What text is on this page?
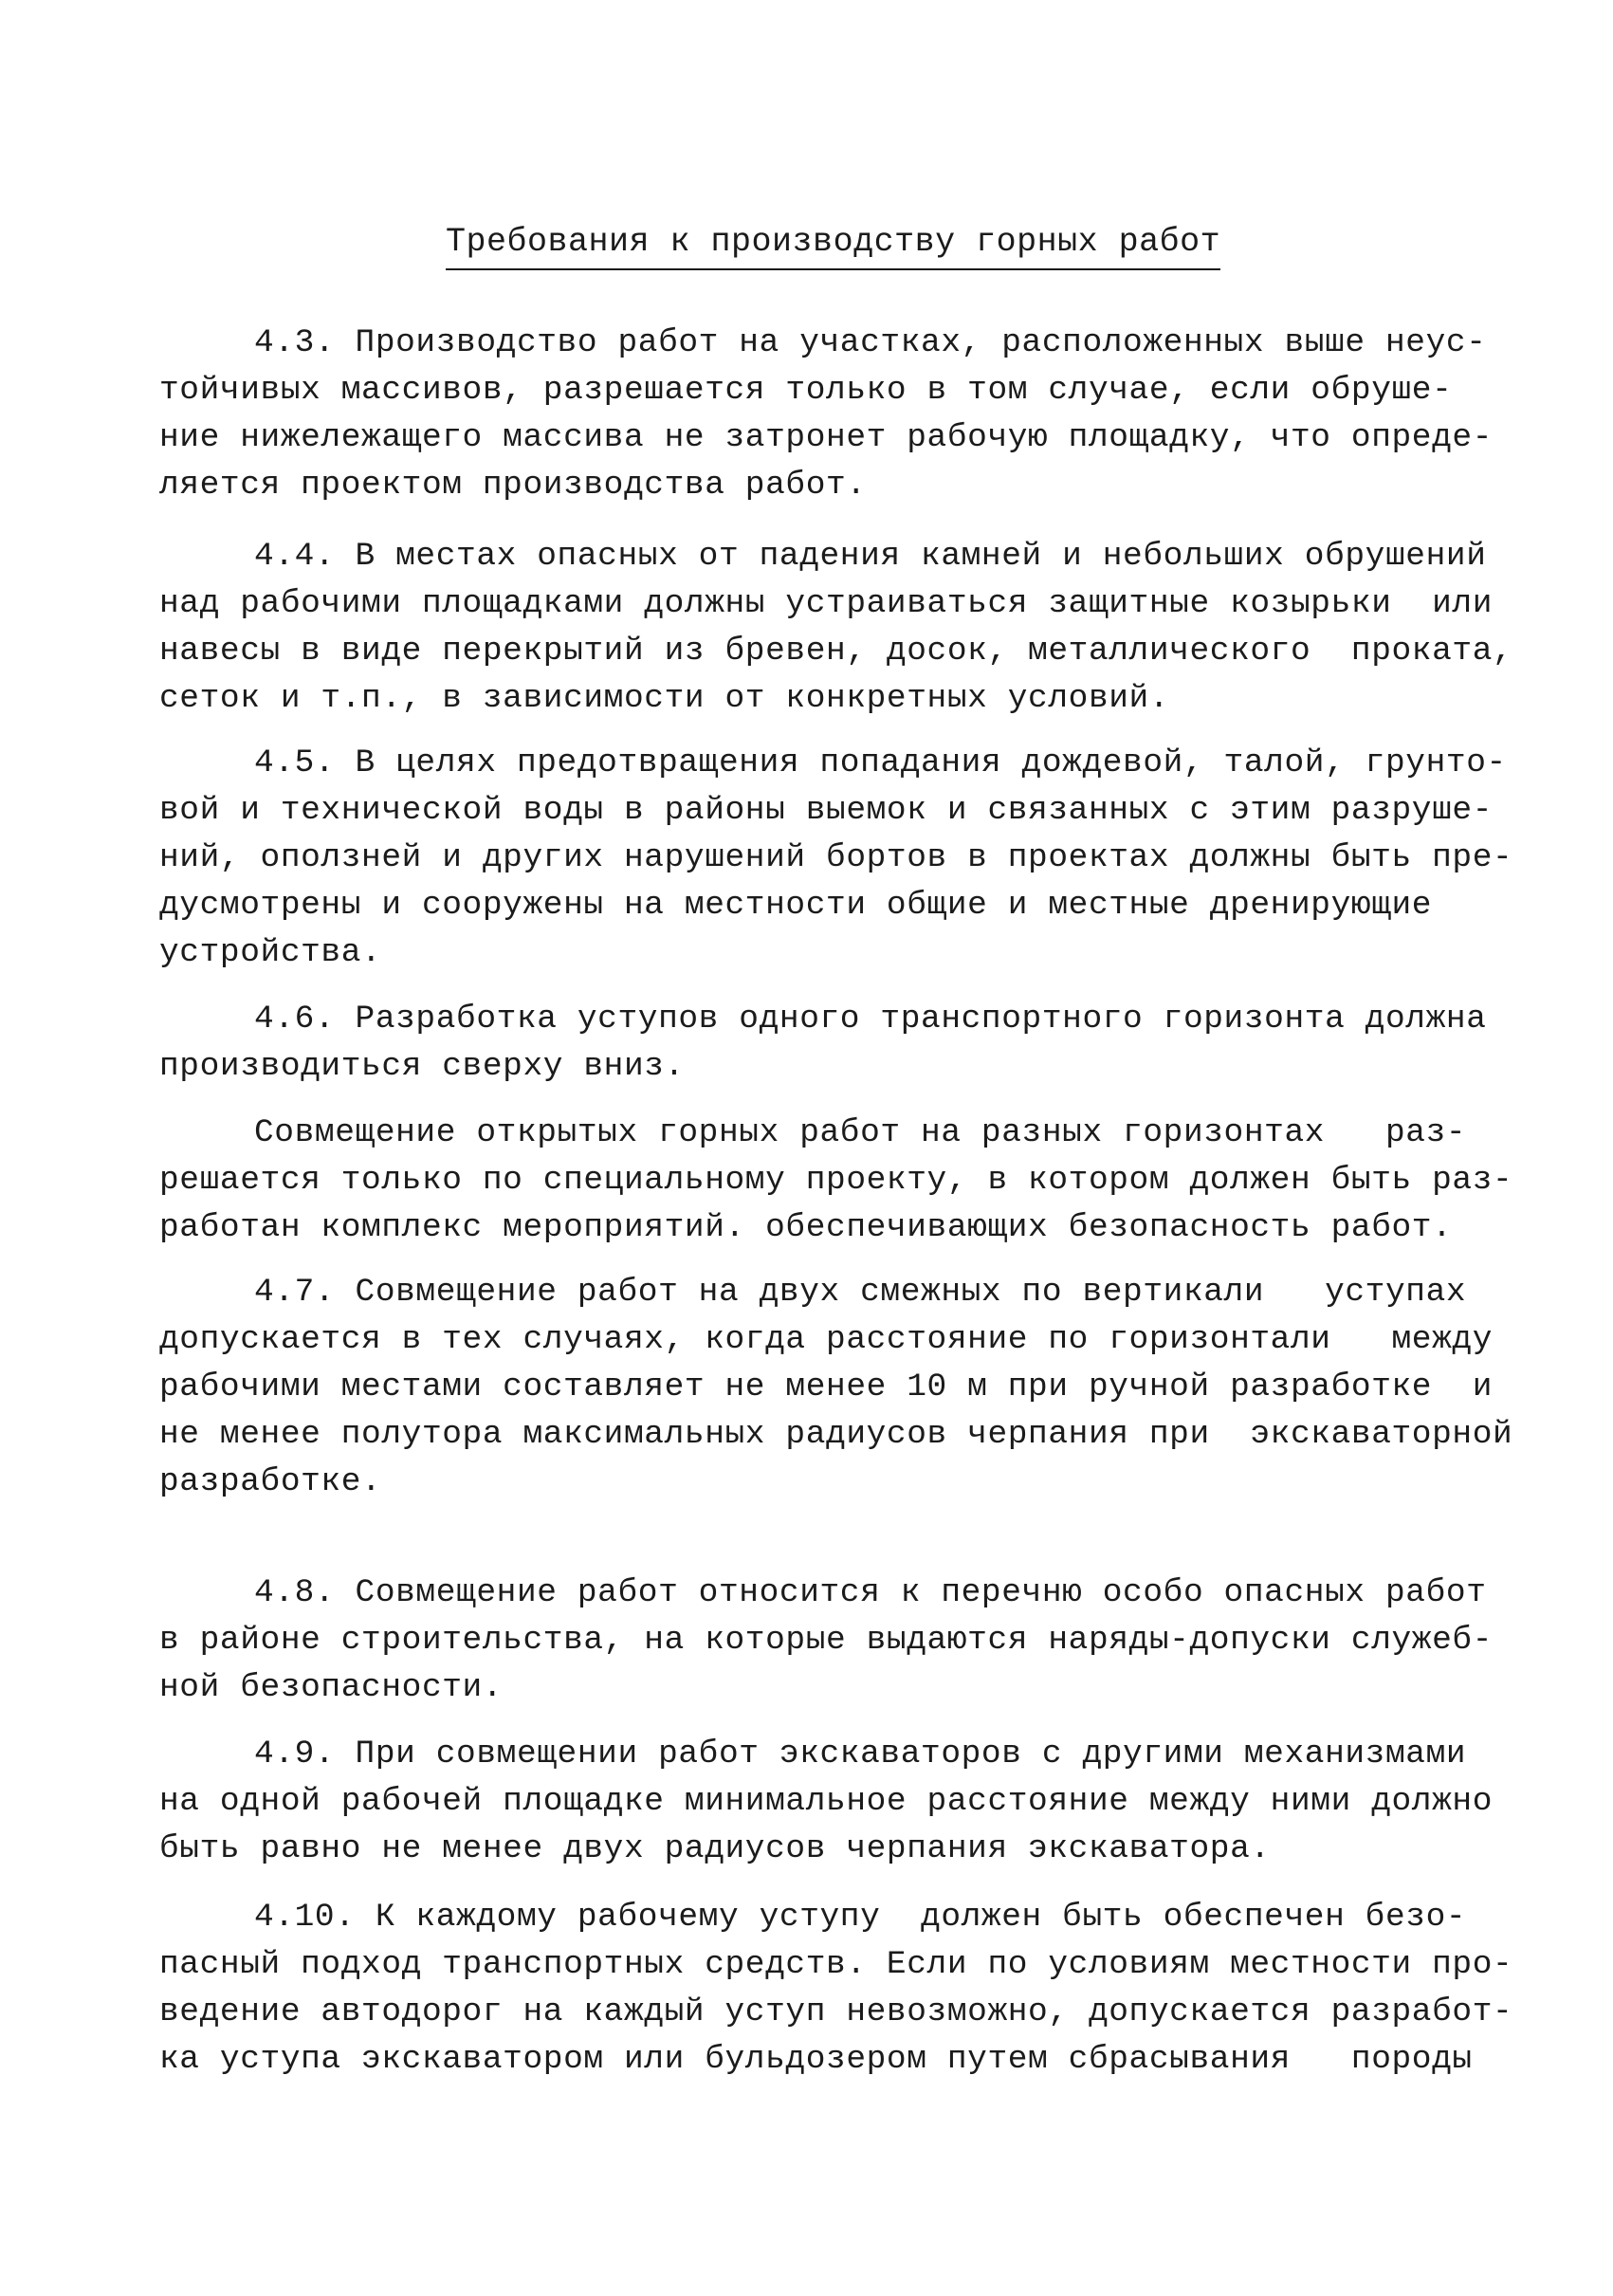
Требования к производству горных работ
4.3. Производство работ на участках, расположенных выше неус-
тойчивых массивов, разрешается только в том случае, если обруше-
ние нижележащего массива не затронет рабочую площадку, что опреде-
ляется проектом производства работ.
4.4. В местах опасных от падения камней и небольших обрушений
над рабочими площадками должны устраиваться защитные козырьки  или
навесы в виде перекрытий из бревен, досок, металлического  проката,
сеток и т.п., в зависимости от конкретных условий.
4.5. В целях предотвращения попадания дождевой, талой, грунто-
вой и технической воды в районы выемок и связанных с этим разруше-
ний, оползней и других нарушений бортов в проектах должны быть пре-
дусмотрены и сооружены на местности общие и местные дренирующие
устройства.
4.6. Разработка уступов одного транспортного горизонта должна
производиться сверху вниз.
Совмещение открытых горных работ на разных горизонтах   раз-
решается только по специальному проекту, в котором должен быть раз-
работан комплекс мероприятий. обеспечивающих безопасность работ.
4.7. Совмещение работ на двух смежных по вертикали   уступах
допускается в тех случаях, когда расстояние по горизонтали   между
рабочими местами составляет не менее 10 м при ручной разработке  и
не менее полутора максимальных радиусов черпания при  экскаваторной
разработке.
4.8. Совмещение работ относится к перечню особо опасных работ
в районе строительства, на которые выдаются наряды-допуски служеб-
ной безопасности.
4.9. При совмещении работ экскаваторов с другими механизмами
на одной рабочей площадке минимальное расстояние между ними должно
быть равно не менее двух радиусов черпания экскаватора.
4.10. К каждому рабочему уступу  должен быть обеспечен безо-
пасный подход транспортных средств. Если по условиям местности про-
ведение автодорог на каждый уступ невозможно, допускается разработ-
ка уступа экскаватором или бульдозером путем сбрасывания   породы
